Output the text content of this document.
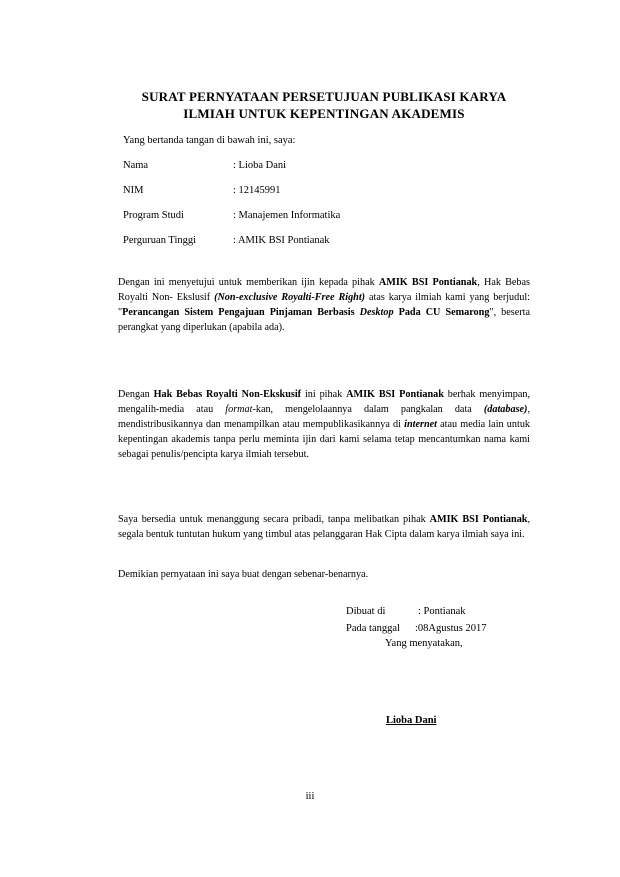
SURAT PERNYATAAN PERSETUJUAN PUBLIKASI KARYA
ILMIAH UNTUK KEPENTINGAN AKADEMIS
Yang bertanda tangan di bawah ini, saya:
Nama	: Lioba Dani
NIM	: 12145991
Program Studi	: Manajemen Informatika
Perguruan Tinggi	: AMIK BSI Pontianak

Dengan ini menyetujui untuk memberikan ijin kepada pihak AMIK BSI Pontianak, Hak Bebas Royalti Non- Ekslusif (Non-exclusive Royalti-Free Right) atas karya ilmiah kami yang berjudul: "Perancangan Sistem Pengajuan Pinjaman Berbasis Desktop Pada CU Semarong", beserta perangkat yang diperlukan (apabila ada).

Dengan Hak Bebas Royalti Non-Ekskusif ini pihak AMIK BSI Pontianak berhak menyimpan, mengalih-media atau format-kan, mengelolaannya dalam pangkalan data (database), mendistribusikannya dan menampilkan atau mempublikasikannya di internet atau media lain untuk kepentingan akademis tanpa perlu meminta ijin dari kami selama tetap mencantumkan nama kami sebagai penulis/pencipta karya ilmiah tersebut.

Saya bersedia untuk menanggung secara pribadi, tanpa melibatkan pihak AMIK BSI Pontianak, segala bentuk tuntutan hukum yang timbul atas pelanggaran Hak Cipta dalam karya ilmiah saya ini.

Demikian pernyataan ini saya buat dengan sebenar-benarnya.

Dibuat di	: Pontianak
Pada tanggal :08Agustus 2017
Yang menyatakan,
Lioba Dani
iii
